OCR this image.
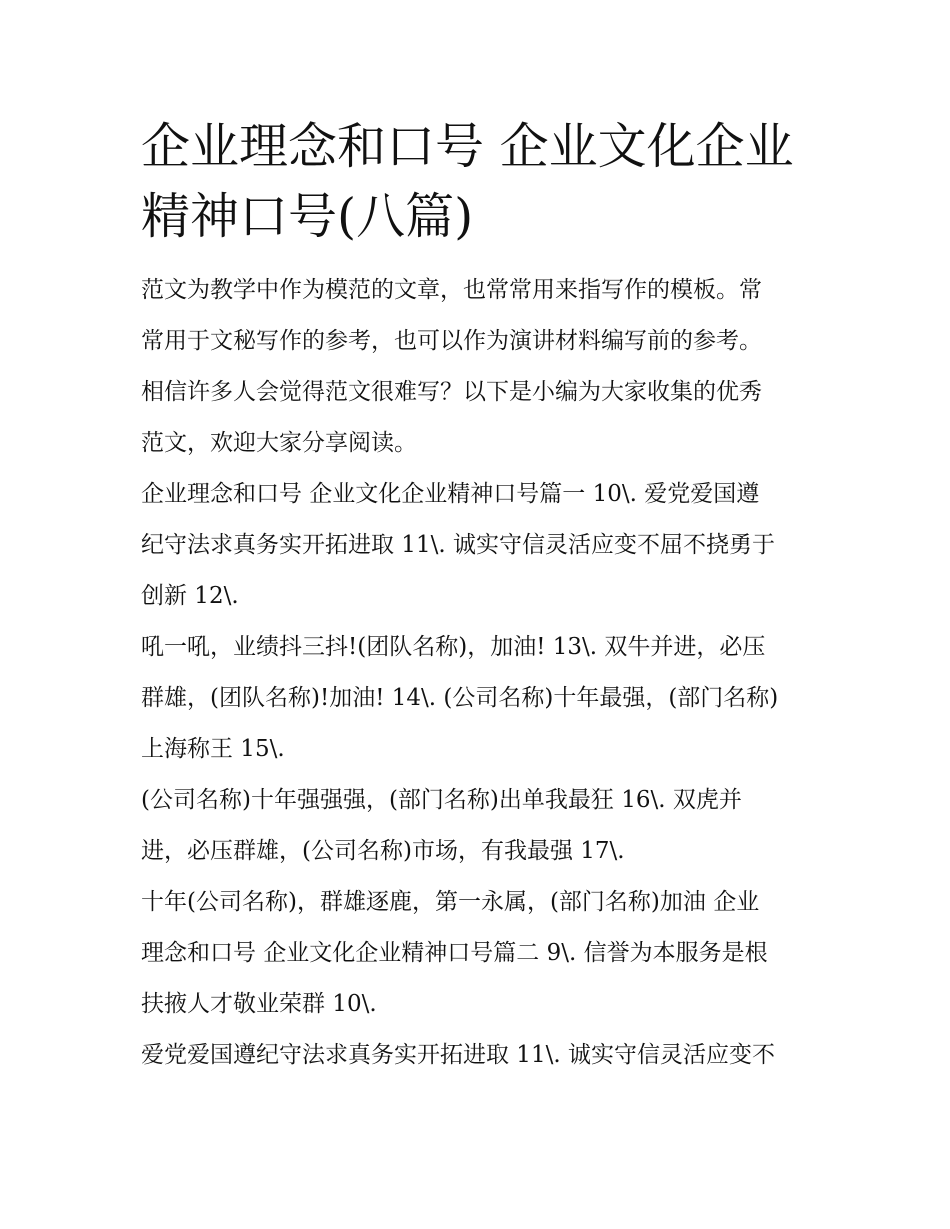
企业理念和口号 企业文化企业
精神口号(八篇)
范文为教学中作为模范的文章，也常常用来指写作的模板。常
常用于文秘写作的参考，也可以作为演讲材料编写前的参考。
相信许多人会觉得范文很难写？以下是小编为大家收集的优秀
范文，欢迎大家分享阅读。
企业理念和口号 企业文化企业精神口号篇一 10\. 爱党爱国遵
纪守法求真务实开拓进取 11\. 诚实守信灵活应变不屈不挠勇于
创新 12\.
吼一吼，业绩抖三抖!(团队名称)，加油! 13\. 双牛并进，必压
群雄，(团队名称)!加油! 14\. (公司名称)十年最强，(部门名称)
上海称王 15\.
(公司名称)十年强强强，(部门名称)出单我最狂 16\. 双虎并
进，必压群雄，(公司名称)市场，有我最强 17\.
十年(公司名称)，群雄逐鹿，第一永属，(部门名称)加油 企业
理念和口号 企业文化企业精神口号篇二 9\. 信誉为本服务是根
扶掖人才敬业荣群 10\.
爱党爱国遵纪守法求真务实开拓进取 11\. 诚实守信灵活应变不
